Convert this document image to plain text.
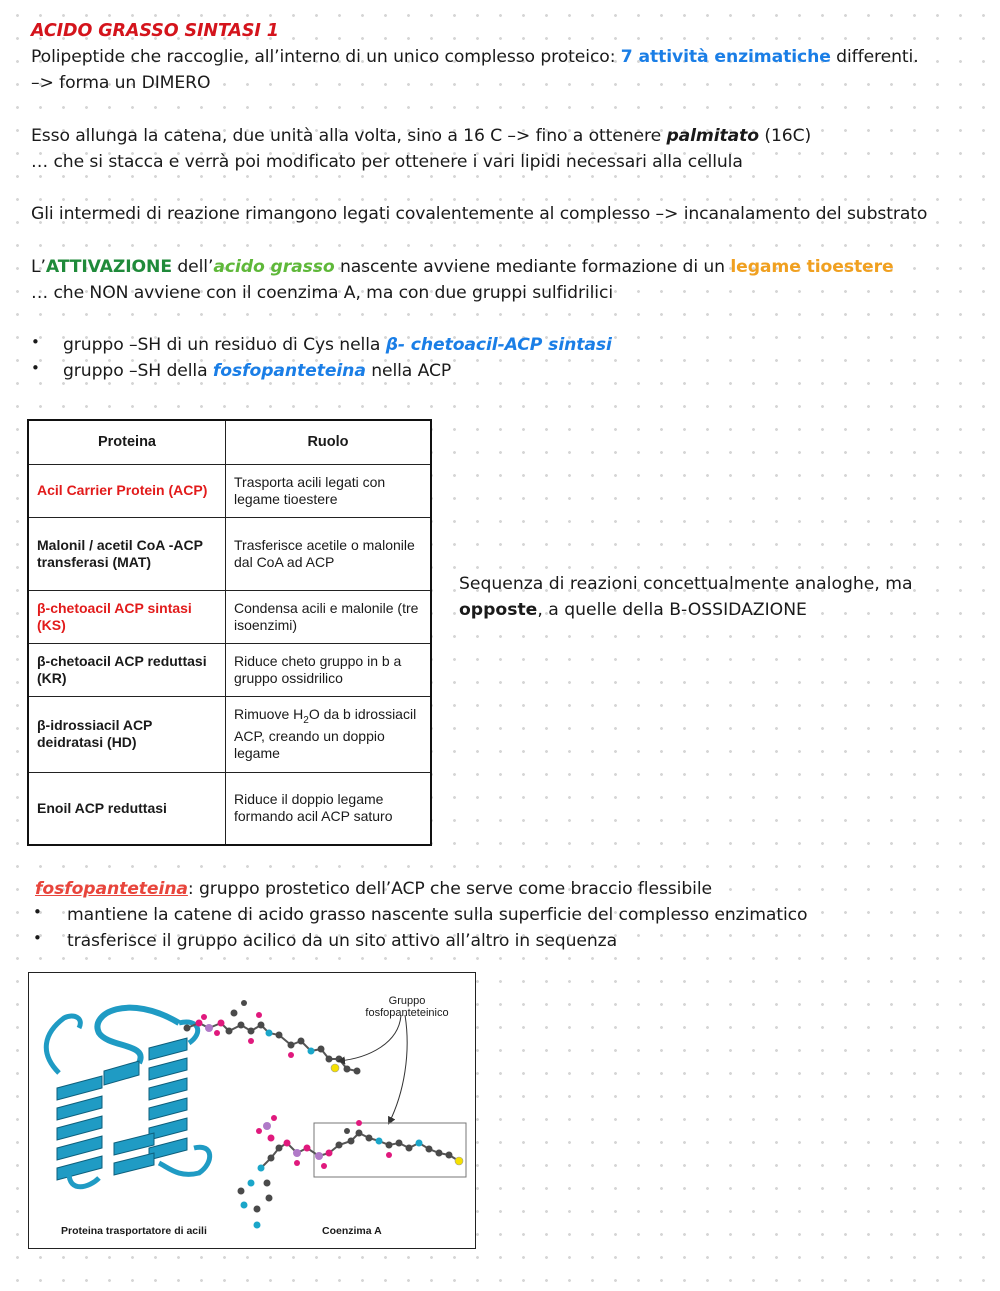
ACIDO GRASSO SINTASI 1
Polipeptide che raccoglie, all’interno di un unico complesso proteico: 7 attività enzimatiche differenti.
–> forma un DIMERO
Esso allunga la catena, due unità alla volta, sino a 16 C –> fino a ottenere palmitato (16C)
… che si stacca e verrà poi modificato per ottenere i vari lipidi necessari alla cellula
Gli intermedi di reazione rimangono legati covalentemente al complesso –> incanalamento del substrato
L’ATTIVAZIONE dell’acido grasso nascente avviene mediante formazione di un legame tioestere
… che NON avviene con il coenzima A, ma con due gruppi sulfidrilici
• gruppo –SH di un residuo di Cys nella β- chetoacil-ACP sintasi
• gruppo –SH della fosfopanteteina nella ACP
Proteina	Ruolo
Acil Carrier Protein (ACP)	Trasporta acili legati con legame tioestere
Malonil / acetil CoA -ACP transferasi (MAT)	Trasferisce acetile o malonile dal CoA ad ACP
β-chetoacil ACP sintasi (KS)	Condensa acili e malonile (tre isoenzimi)
β-chetoacil ACP reduttasi (KR)	Riduce cheto gruppo in b a gruppo ossidrilico
β-idrossiacil ACP deidratasi (HD)	Rimuove $H_2O$ da b idrossiacil ACP, creando un doppio legame
Enoil ACP reduttasi	Riduce il doppio legame formando acil ACP saturo
Sequenza di reazioni concettualmente analoghe, ma
opposte, a quelle della B-OSSIDAZIONE
fosfopanteteina: gruppo prostetico dell’ACP che serve come braccio flessibile
• mantiene la catene di acido grasso nascente sulla superficie del complesso enzimatico
• trasferisce il gruppo acilico da un sito attivo all’altro in sequenza
Gruppo fosfopanteteinico
Proteina trasportatore di acili	Coenzima A
